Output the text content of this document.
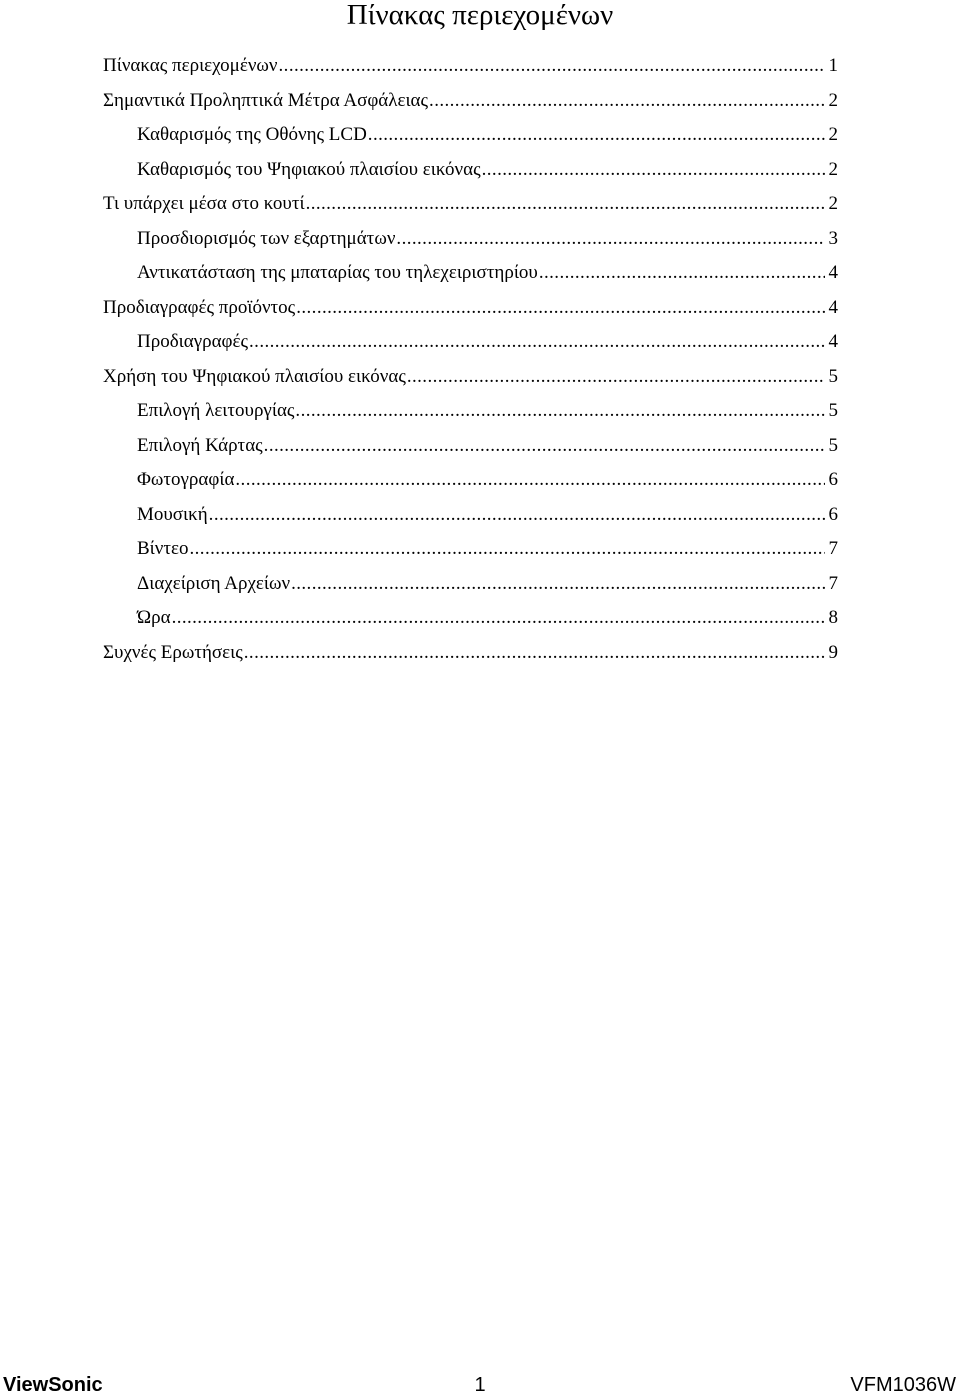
Πίνακας περιεχομένων
Πίνακας περιεχομένων .....	1
Σημαντικά Προληπτικά Μέτρα Ασφάλειας .....	2
Καθαρισμός της Οθόνης LCD .....	2
Καθαρισμός του Ψηφιακού πλαισίου εικόνας .....	2
Τι υπάρχει μέσα στο κουτί .....	2
Προσδιορισμός των εξαρτημάτων .....	3
Αντικατάσταση της μπαταρίας του τηλεχειριστηρίου .....	4
Προδιαγραφές προϊόντος .....	4
Προδιαγραφές .....	4
Χρήση του Ψηφιακού πλαισίου εικόνας .....	5
Επιλογή λειτουργίας .....	5
Επιλογή Κάρτας .....	5
Φωτογραφία .....	6
Μουσική .....	6
Βίντεο .....	7
Διαχείριση Αρχείων .....	7
Ώρα .....	8
Συχνές Ερωτήσεις .....	9
ViewSonic	1	VFM1036W
